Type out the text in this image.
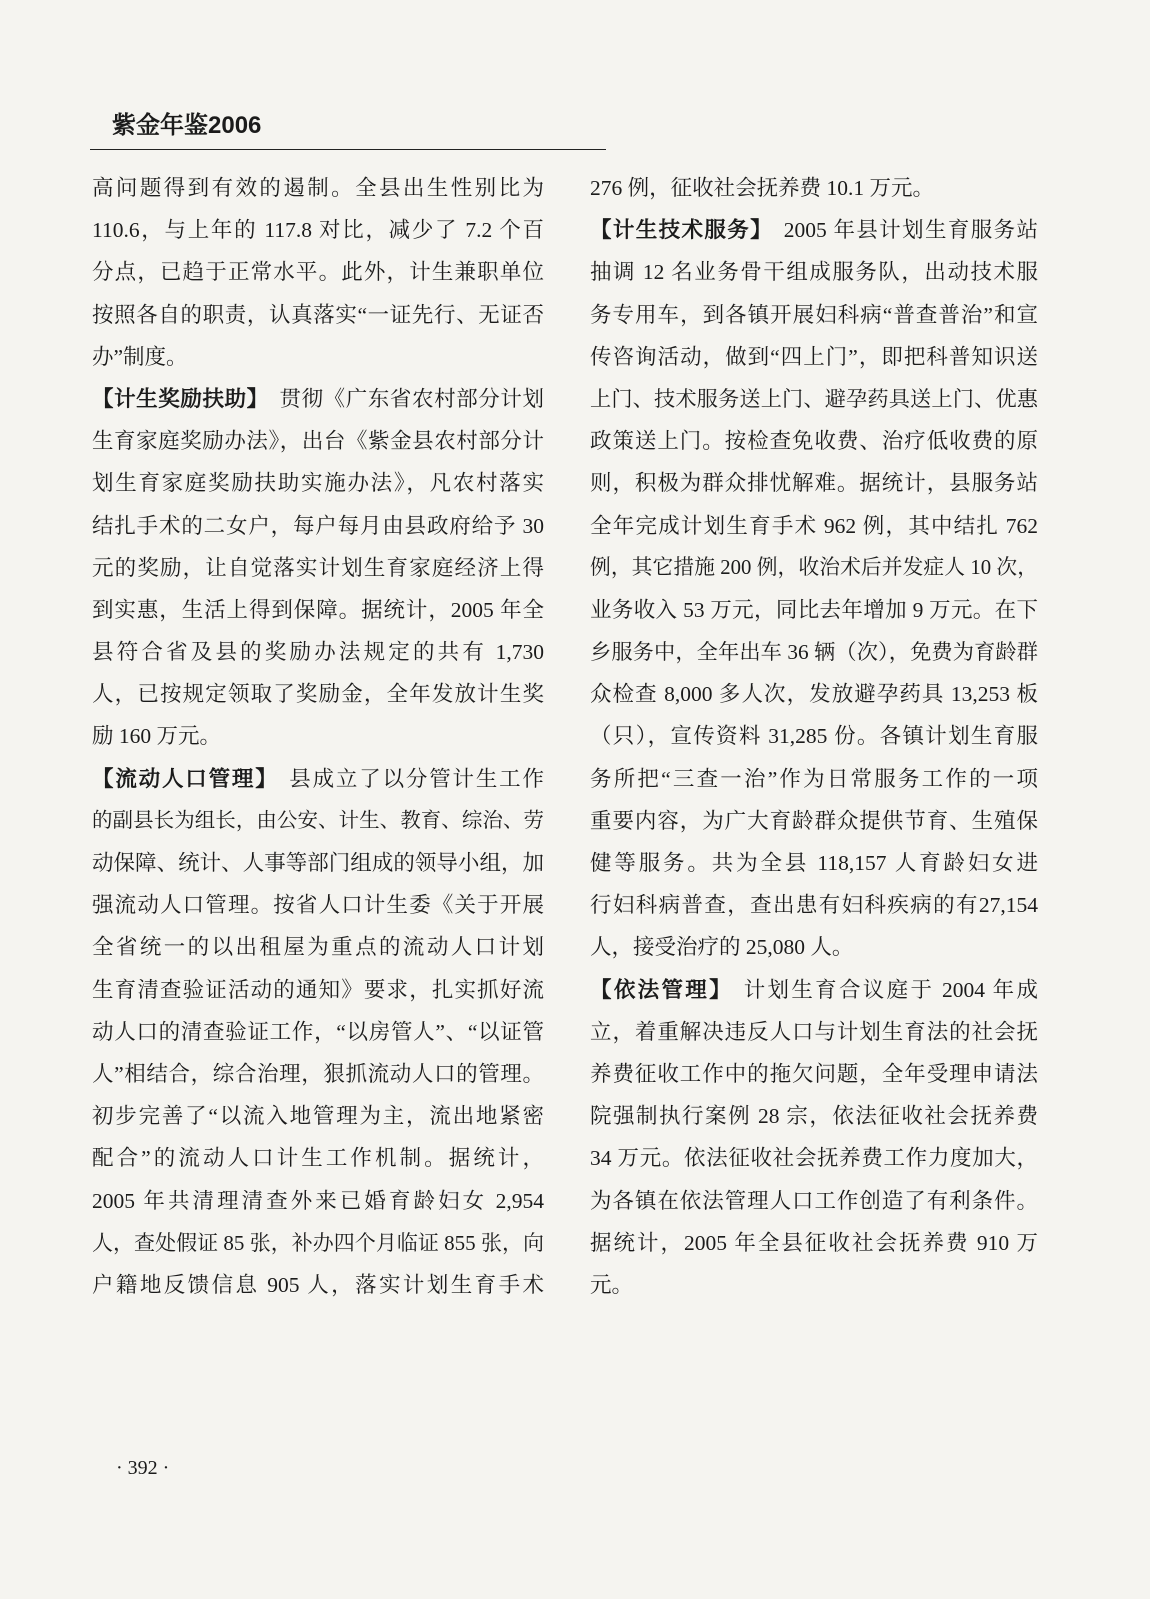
紫金年鉴2006
高问题得到有效的遏制。全县出生性别比为
110.6，与上年的 117.8 对比，减少了 7.2 个百
分点，已趋于正常水平。此外，计生兼职单位
按照各自的职责，认真落实“一证先行、无证否
办”制度。
【计生奖励扶助】 贯彻《广东省农村部分计划
生育家庭奖励办法》，出台《紫金县农村部分计
划生育家庭奖励扶助实施办法》，凡农村落实
结扎手术的二女户，每户每月由县政府给予 30
元的奖励，让自觉落实计划生育家庭经济上得
到实惠，生活上得到保障。据统计，2005 年全
县符合省及县的奖励办法规定的共有 1,730
人，已按规定领取了奖励金，全年发放计生奖
励 160 万元。
【流动人口管理】 县成立了以分管计生工作
的副县长为组长，由公安、计生、教育、综治、劳
动保障、统计、人事等部门组成的领导小组，加
强流动人口管理。按省人口计生委《关于开展
全省统一的以出租屋为重点的流动人口计划
生育清查验证活动的通知》要求，扎实抓好流
动人口的清查验证工作，“以房管人”、“以证管
人”相结合，综合治理，狠抓流动人口的管理。
初步完善了“以流入地管理为主，流出地紧密
配合”的流动人口计生工作机制。据统计，
2005 年共清理清查外来已婚育龄妇女 2,954
人，查处假证 85 张，补办四个月临证 855 张，向
户籍地反馈信息 905 人，落实计划生育手术
276 例，征收社会抚养费 10.1 万元。
【计生技术服务】 2005 年县计划生育服务站
抽调 12 名业务骨干组成服务队，出动技术服
务专用车，到各镇开展妇科病“普查普治”和宣
传咨询活动，做到“四上门”，即把科普知识送
上门、技术服务送上门、避孕药具送上门、优惠
政策送上门。按检查免收费、治疗低收费的原
则，积极为群众排忧解难。据统计，县服务站
全年完成计划生育手术 962 例，其中结扎 762
例，其它措施 200 例，收治术后并发症人 10 次，
业务收入 53 万元，同比去年增加 9 万元。在下
乡服务中，全年出车 36 辆（次），免费为育龄群
众检查 8,000 多人次，发放避孕药具 13,253 板
（只），宣传资料 31,285 份。各镇计划生育服
务所把“三查一治”作为日常服务工作的一项
重要内容，为广大育龄群众提供节育、生殖保
健等服务。共为全县 118,157 人育龄妇女进
行妇科病普查，查出患有妇科疾病的有27,154
人，接受治疗的 25,080 人。
【依法管理】 计划生育合议庭于 2004 年成
立，着重解决违反人口与计划生育法的社会抚
养费征收工作中的拖欠问题，全年受理申请法
院强制执行案例 28 宗，依法征收社会抚养费
34 万元。依法征收社会抚养费工作力度加大，
为各镇在依法管理人口工作创造了有利条件。
据统计，2005 年全县征收社会抚养费 910 万
元。
· 392 ·
